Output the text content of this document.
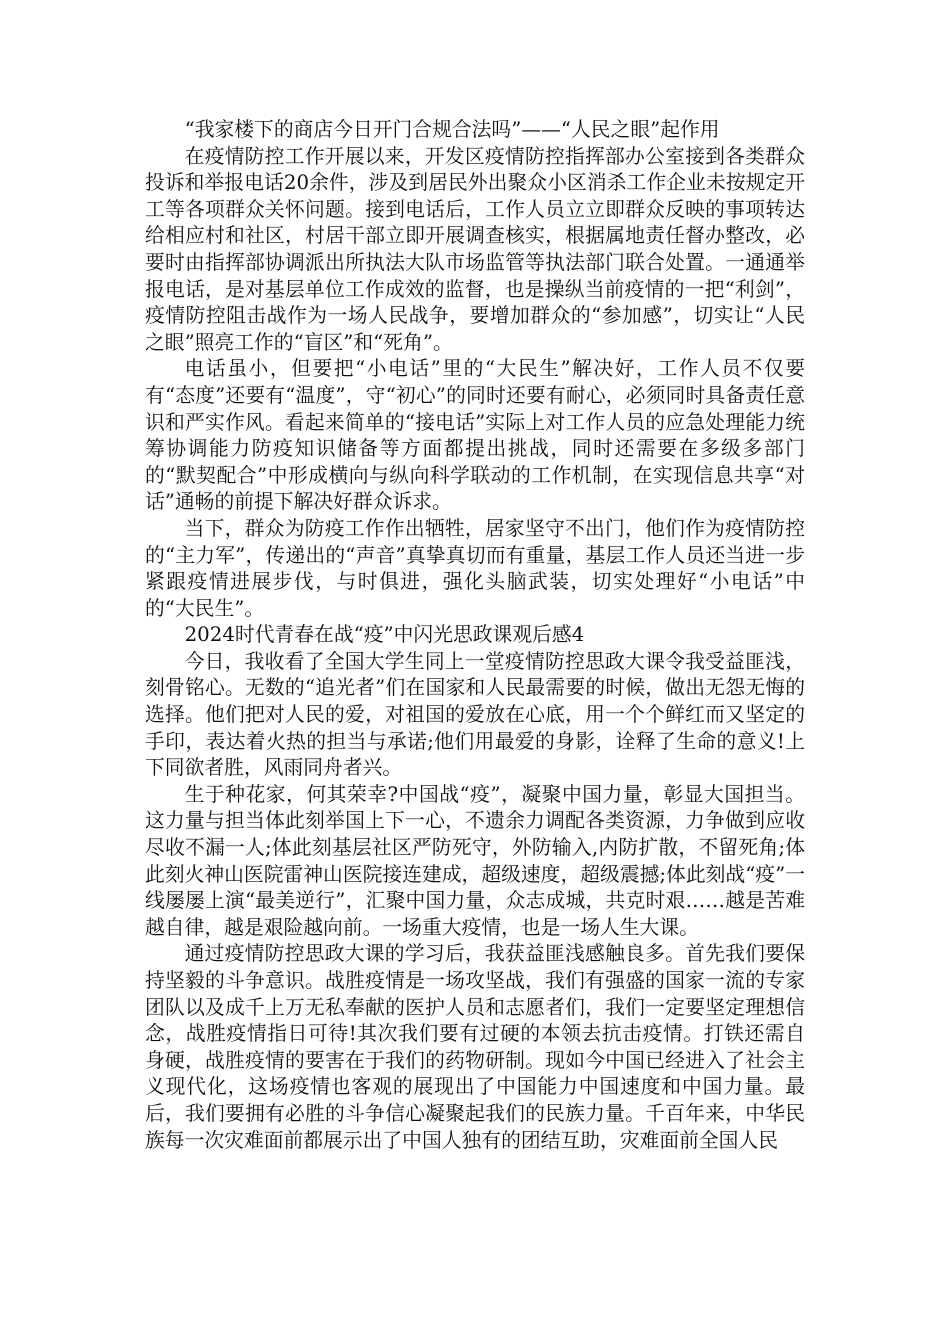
“我家楼下的商店今日开门合规合法吗”——“人民之眼”起作用

在疫情防控工作开展以来，开发区疫情防控指挥部办公室接到各类群众投诉和举报电话20余件，涉及到居民外出聚众小区消杀工作企业未按规定开工等各项群众关怀问题。接到电话后，工作人员立立即群众反映的事项转达给相应村和社区，村居干部立即开展调查核实，根据属地责任督办整改，必要时由指挥部协调派出所执法大队市场监管等执法部门联合处置。一通通举报电话，是对基层单位工作成效的监督，也是操纵当前疫情的一把“利剑”，疫情防控阻击战作为一场人民战争，要增加群众的“参加感”，切实让“人民之眼”照亮工作的“盲区”和“死角”。

电话虽小，但要把“小电话”里的“大民生”解决好，工作人员不仅要有“态度”还要有“温度”，守“初心”的同时还要有耐心，必须同时具备责任意识和严实作风。看起来简单的“接电话”实际上对工作人员的应急处理能力统筹协调能力防疫知识储备等方面都提出挑战，同时还需要在多级多部门的“默契配合”中形成横向与纵向科学联动的工作机制，在实现信息共享“对话”通畅的前提下解决好群众诉求。

当下，群众为防疫工作作出牺牲，居家坚守不出门，他们作为疫情防控的“主力军”，传递出的“声音”真挚真切而有重量，基层工作人员还当进一步紧跟疫情进展步伐，与时俱进，强化头脑武装，切实处理好“小电话”中的“大民生”。

2024时代青春在战“疫”中闪光思政课观后感4

今日，我收看了全国大学生同上一堂疫情防控思政大课令我受益匪浅，刻骨铭心。无数的“追光者”们在国家和人民最需要的时候，做出无怨无悔的选择。他们把对人民的爱，对祖国的爱放在心底，用一个个鲜红而又坚定的手印，表达着火热的担当与承诺;他们用最爱的身影，诠释了生命的意义!上下同欲者胜，风雨同舟者兴。

生于种花家，何其荣幸?中国战“疫”，凝聚中国力量，彰显大国担当。这力量与担当体此刻举国上下一心，不遗余力调配各类资源，力争做到应收尽收不漏一人;体此刻基层社区严防死守，外防输入,内防扩散，不留死角;体此刻火神山医院雷神山医院接连建成，超级速度，超级震撼;体此刻战“疫”一线屡屡上演“最美逆行”，汇聚中国力量，众志成城，共克时艰……越是苦难越自律，越是艰险越向前。一场重大疫情，也是一场人生大课。

通过疫情防控思政大课的学习后，我获益匪浅感触良多。首先我们要保持坚毅的斗争意识。战胜疫情是一场攻坚战，我们有强盛的国家一流的专家团队以及成千上万无私奉献的医护人员和志愿者们，我们一定要坚定理想信念，战胜疫情指日可待!其次我们要有过硬的本领去抗击疫情。打铁还需自身硬，战胜疫情的要害在于我们的药物研制。现如今中国已经进入了社会主义现代化，这场疫情也客观的展现出了中国能力中国速度和中国力量。最后，我们要拥有必胜的斗争信心凝聚起我们的民族力量。千百年来，中华民族每一次灾难面前都展示出了中国人独有的团结互助，灾难面前全国人民
